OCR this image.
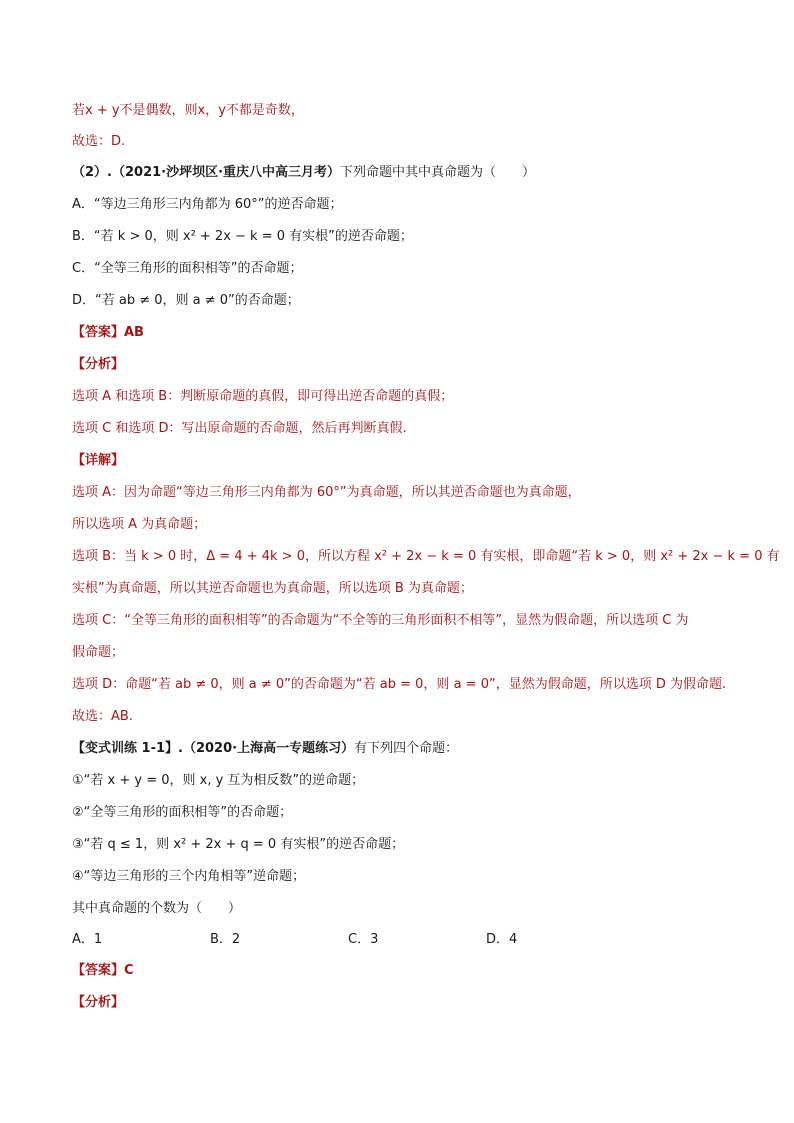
若x + y不是偶数，则x，y不都是奇数，
故选：D.
（2）.（2021·沙坪坝区·重庆八中高三月考）下列命题中其中真命题为（　　）
A．“等边三角形三内角都为 60°”的逆否命题；
B．“若 k > 0，则 x² + 2x − k = 0 有实根”的逆否命题；
C．“全等三角形的面积相等”的否命题；
D．“若 ab ≠ 0，则 a ≠ 0”的否命题；
【答案】AB
【分析】
选项 A 和选项 B：判断原命题的真假，即可得出逆否命题的真假；
选项 C 和选项 D：写出原命题的否命题，然后再判断真假.
【详解】
选项 A：因为命题“等边三角形三内角都为 60°”为真命题，所以其逆否命题也为真命题，
所以选项 A 为真命题；
选项 B：当 k > 0 时，Δ = 4 + 4k > 0，所以方程 x² + 2x − k = 0 有实根，即命题“若 k > 0，则 x² + 2x − k = 0 有
实根”为真命题，所以其逆否命题也为真命题，所以选项 B 为真命题；
选项 C：“全等三角形的面积相等”的否命题为“不全等的三角形面积不相等”，显然为假命题，所以选项 C 为
假命题；
选项 D：命题“若 ab ≠ 0，则 a ≠ 0”的否命题为“若 ab = 0，则 a = 0”，显然为假命题，所以选项 D 为假命题.
故选：AB.
【变式训练 1-1】.（2020·上海高一专题练习）有下列四个命题：
①“若 x + y = 0，则 x, y 互为相反数”的逆命题；
②“全等三角形的面积相等”的否命题；
③“若 q ≤ 1，则 x² + 2x + q = 0 有实根”的逆否命题；
④“等边三角形的三个内角相等”逆命题；
其中真命题的个数为（　　）
A．1	B．2	C．3	D．4
【答案】C
【分析】
